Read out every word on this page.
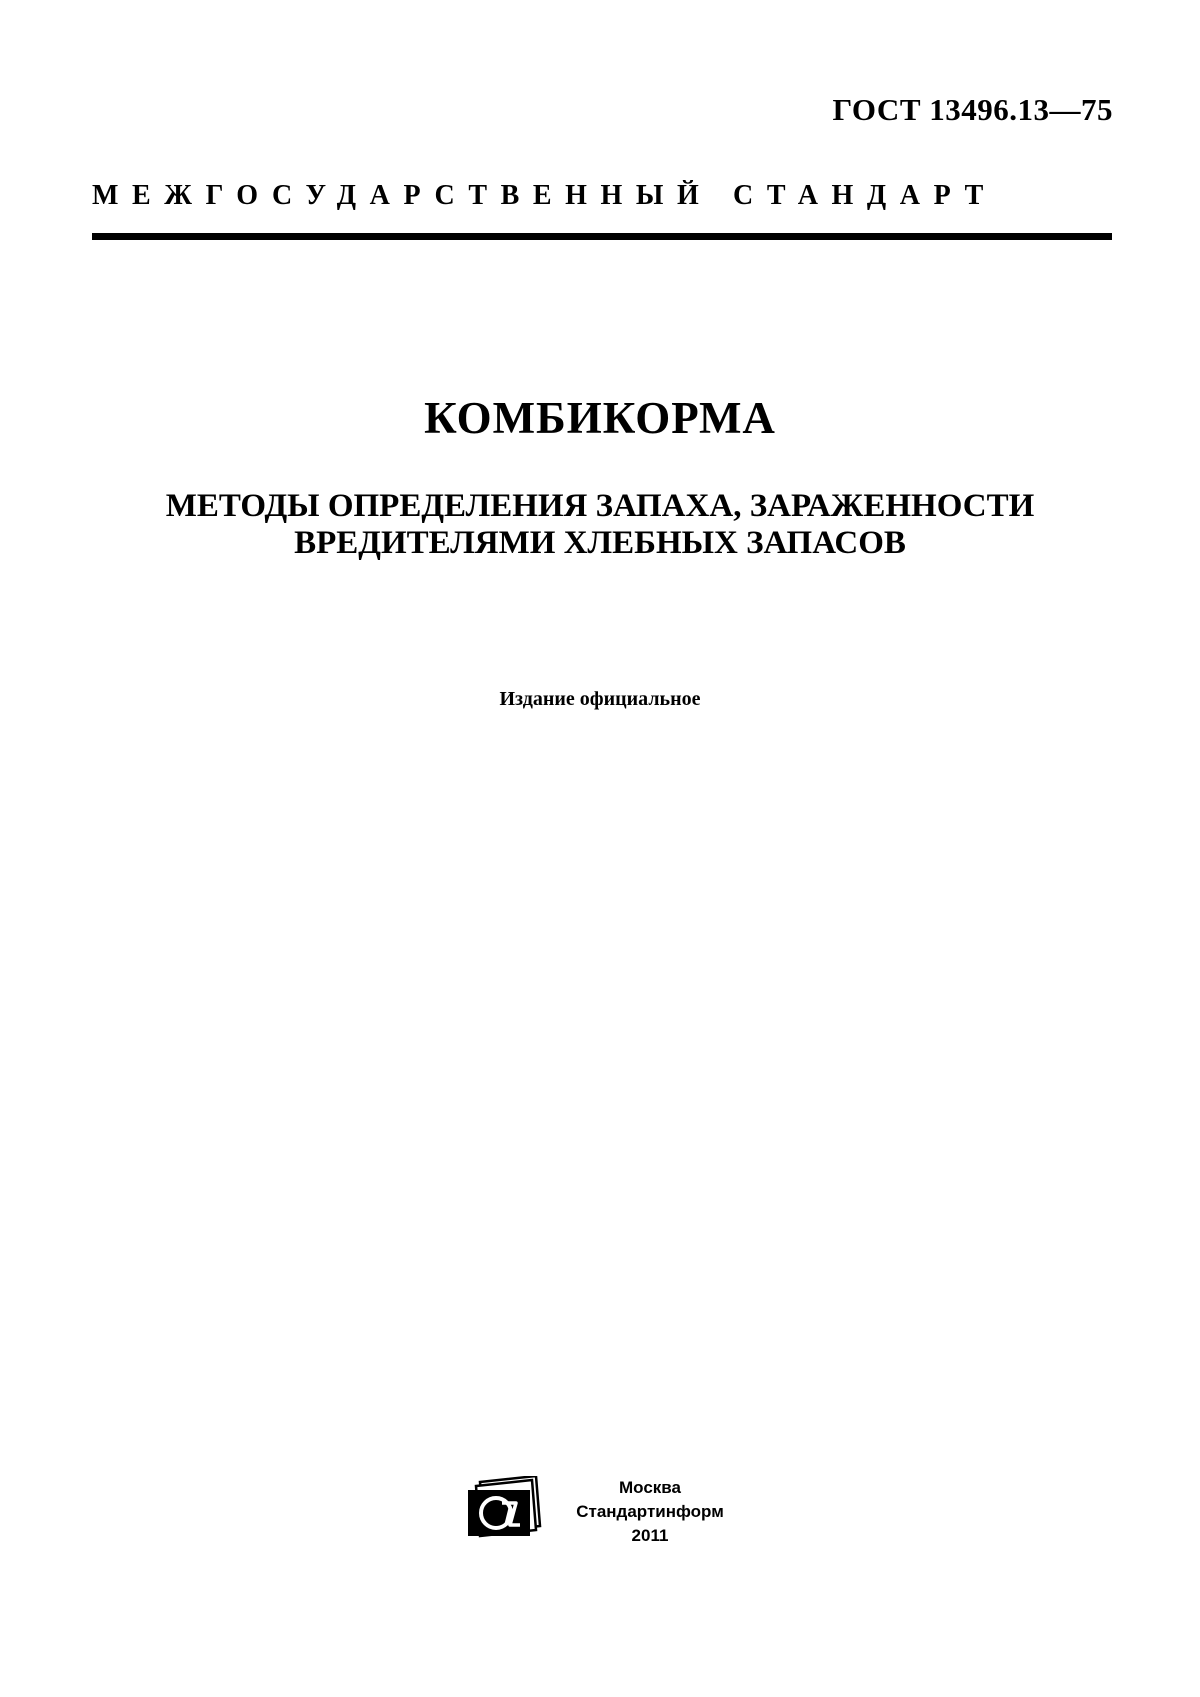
ГОСТ 13496.13—75
МЕЖГОСУДАРСТВЕННЫЙ СТАНДАРТ
КОМБИКОРМА
МЕТОДЫ ОПРЕДЕЛЕНИЯ ЗАПАХА, ЗАРАЖЕННОСТИ
ВРЕДИТЕЛЯМИ ХЛЕБНЫХ ЗАПАСОВ
Издание официальное
Москва
Стандартинформ
2011
